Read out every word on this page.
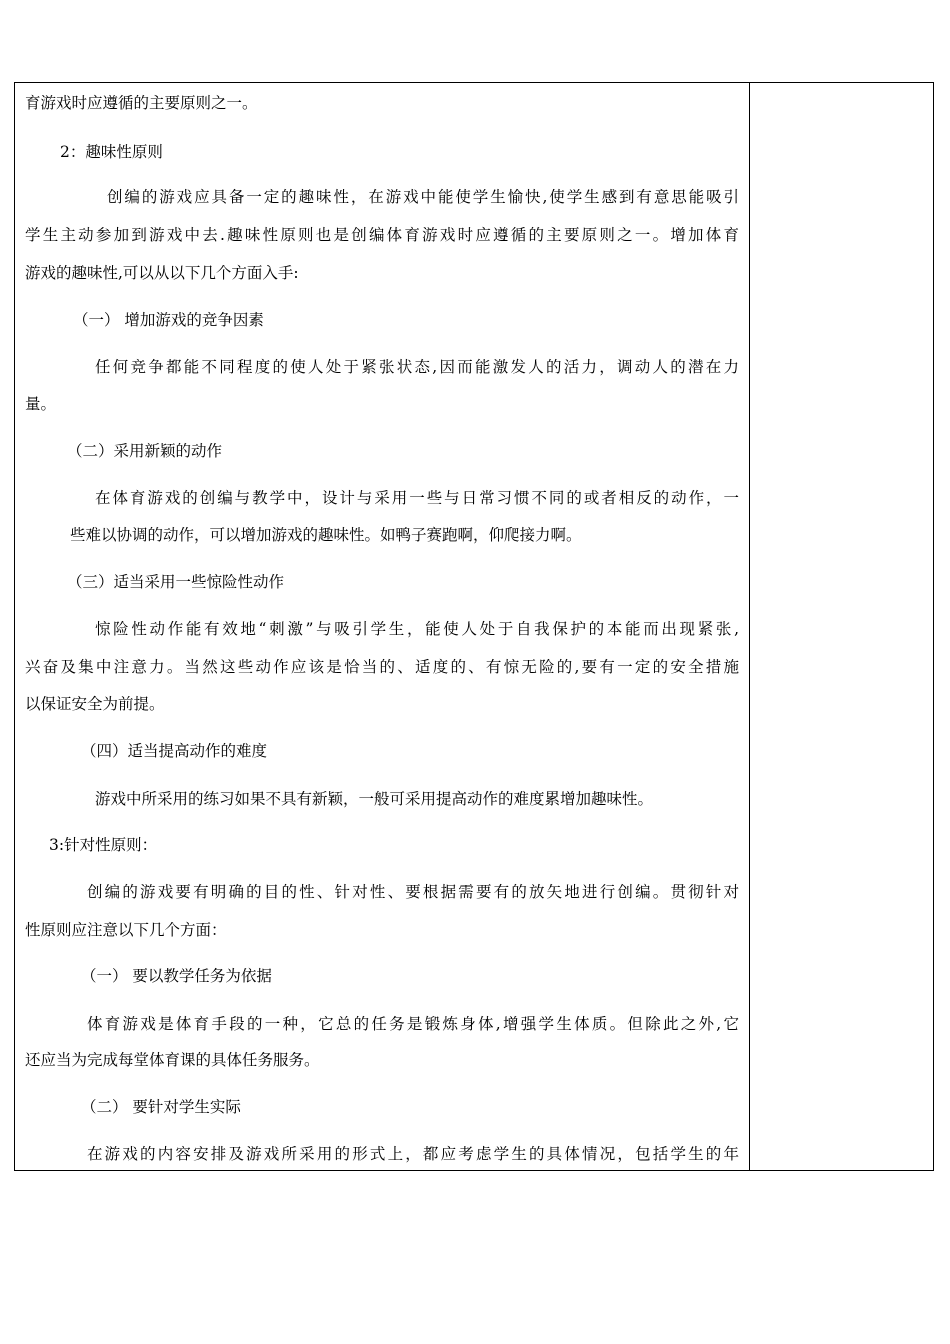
育游戏时应遵循的主要原则之一。

2：趣味性原则

创编的游戏应具备一定的趣味性，在游戏中能使学生愉快,使学生感到有意思能吸引

学生主动参加到游戏中去.趣味性原则也是创编体育游戏时应遵循的主要原则之一。增加体育

游戏的趣味性,可以从以下几个方面入手:

（一） 增加游戏的竞争因素

任何竞争都能不同程度的使人处于紧张状态,因而能激发人的活力，调动人的潜在力

量。

（二）采用新颖的动作

在体育游戏的创编与教学中，设计与采用一些与日常习惯不同的或者相反的动作，一

些难以协调的动作，可以增加游戏的趣味性。如鸭子赛跑啊，仰爬接力啊。

（三）适当采用一些惊险性动作

惊险性动作能有效地“刺激”与吸引学生，能使人处于自我保护的本能而出现紧张,

兴奋及集中注意力。当然这些动作应该是恰当的、适度的、有惊无险的,要有一定的安全措施

以保证安全为前提。

（四）适当提高动作的难度

游戏中所采用的练习如果不具有新颖，一般可采用提高动作的难度累增加趣味性。

3:针对性原则：

创编的游戏要有明确的目的性、针对性、要根据需要有的放矢地进行创编。贯彻针对

性原则应注意以下几个方面：

（一） 要以教学任务为依据

体育游戏是体育手段的一种，它总的任务是锻炼身体,增强学生体质。但除此之外,它

还应当为完成每堂体育课的具体任务服务。

（二） 要针对学生实际

在游戏的内容安排及游戏所采用的形式上，都应考虑学生的具体情况，包括学生的年
